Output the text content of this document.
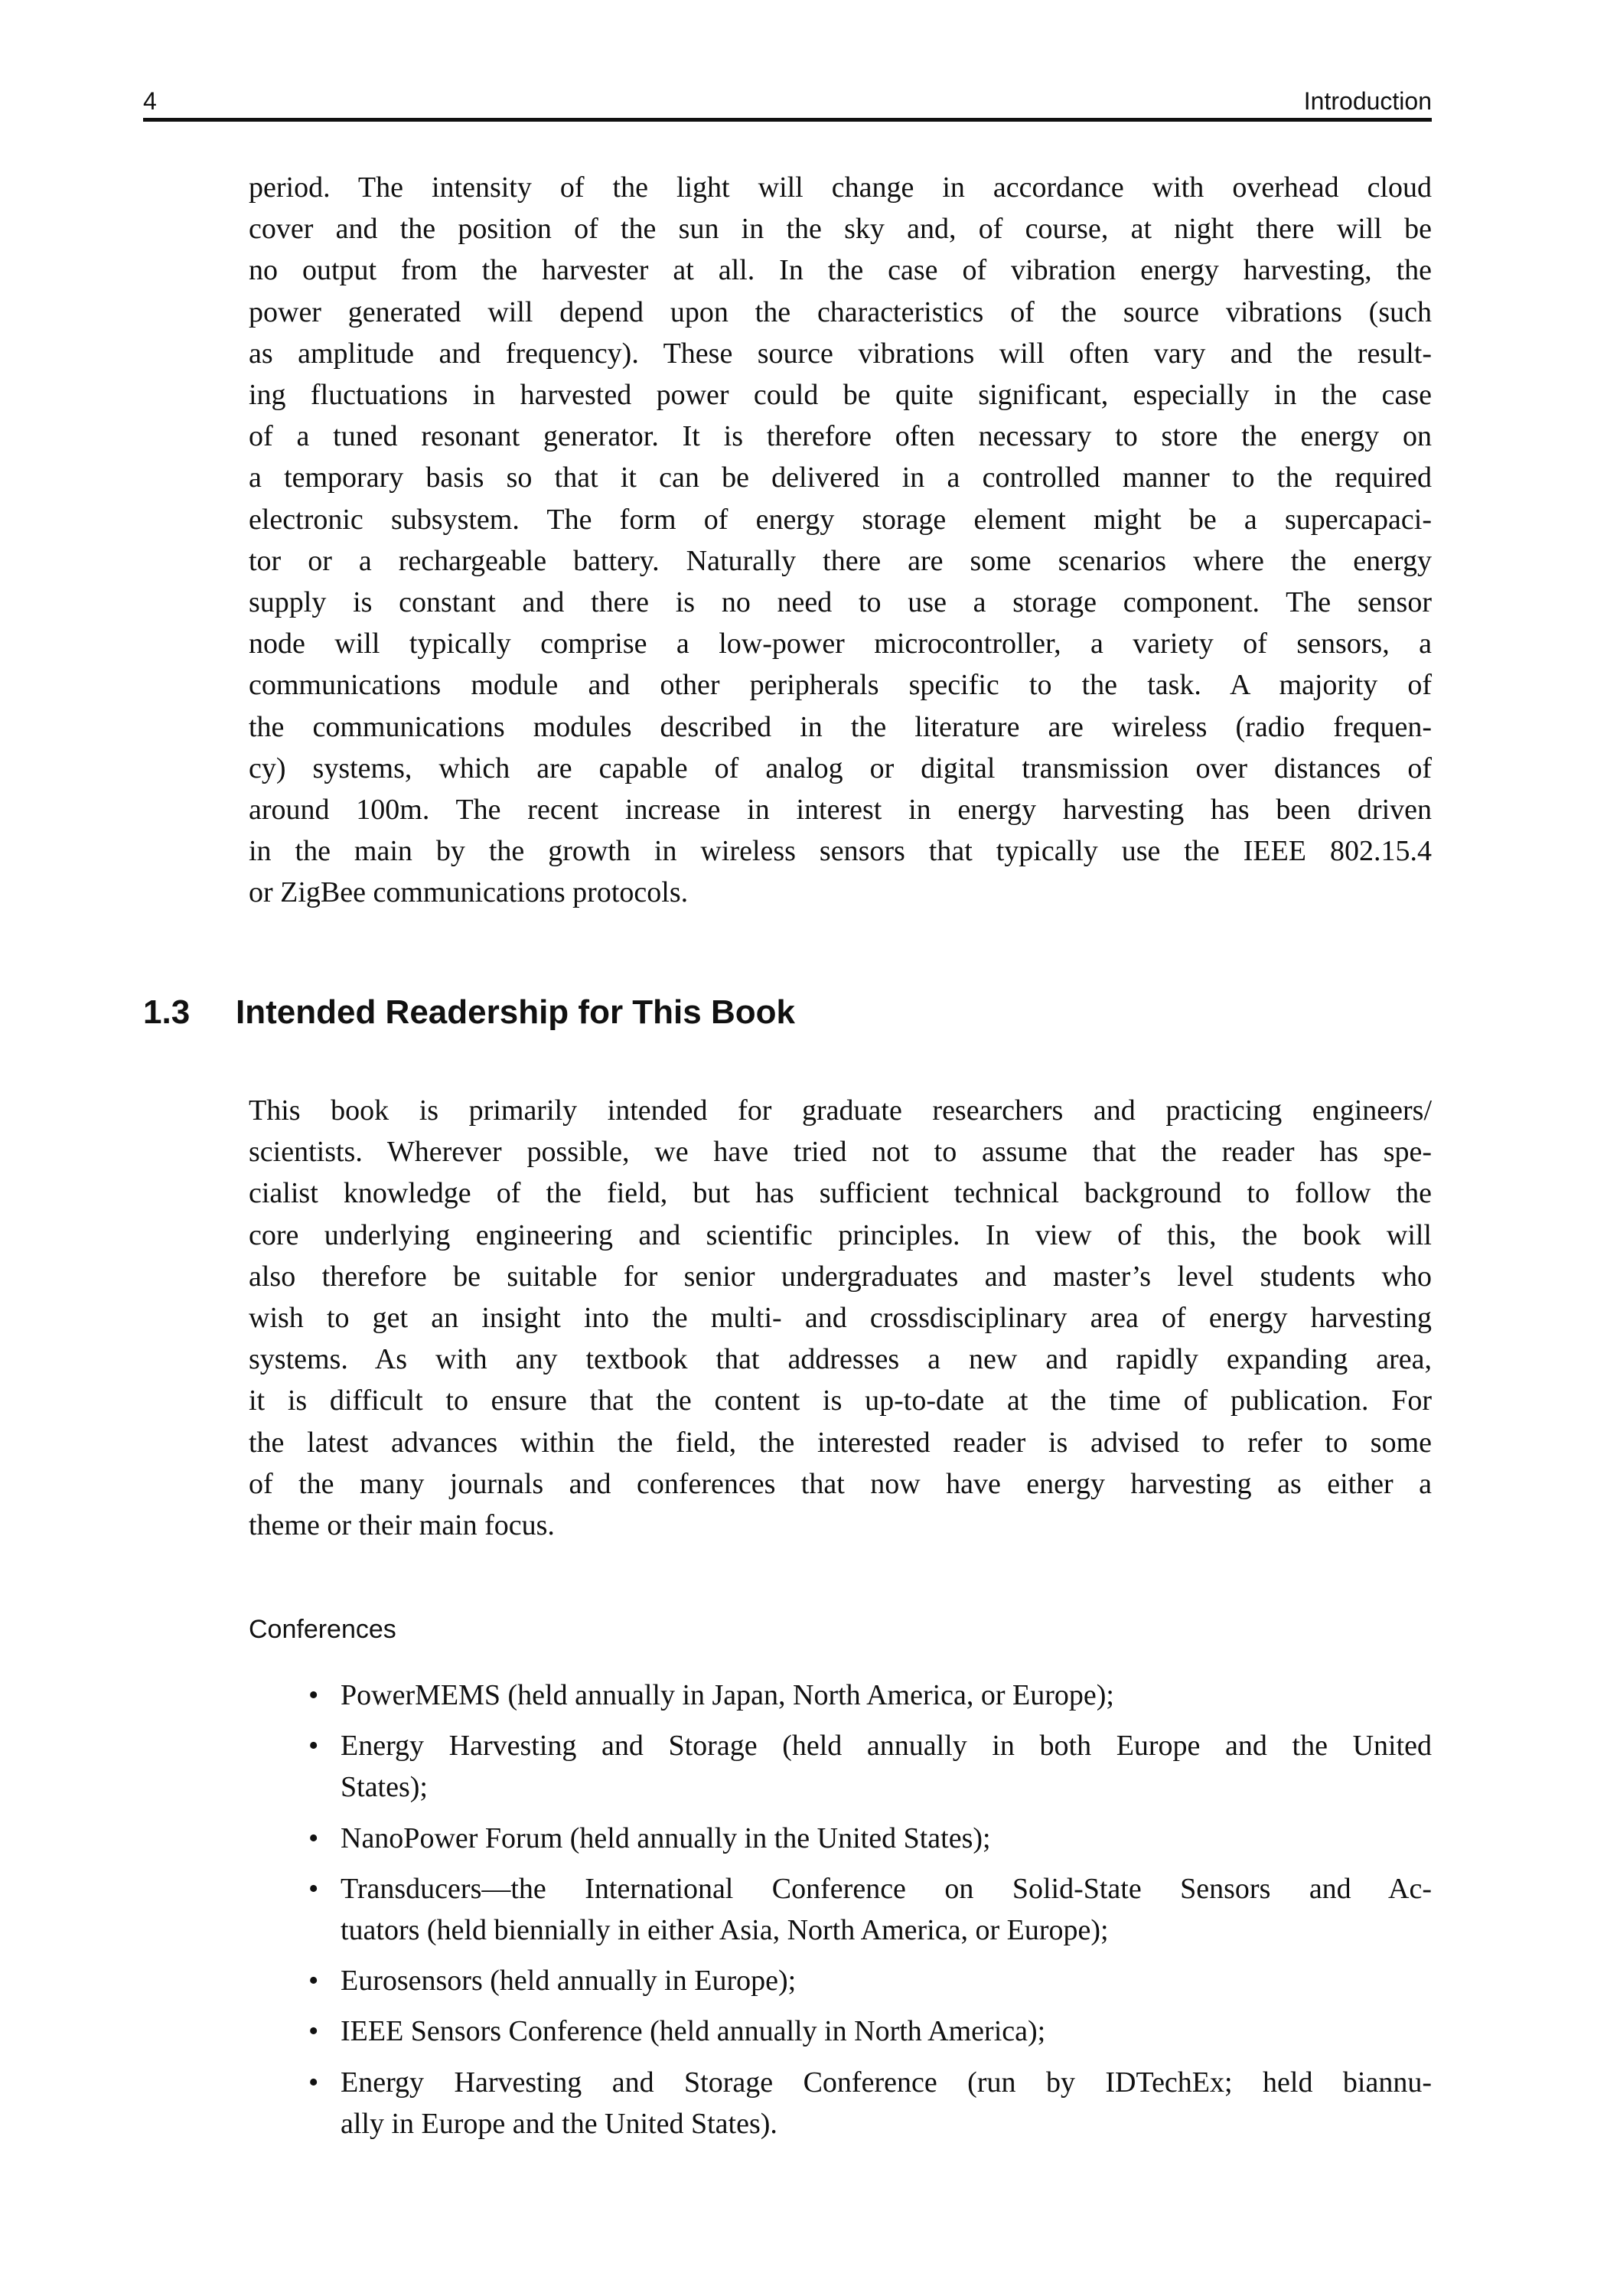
4	Introduction
period. The intensity of the light will change in accordance with overhead cloud
cover and the position of the sun in the sky and, of course, at night there will be
no output from the harvester at all. In the case of vibration energy harvesting, the
power generated will depend upon the characteristics of the source vibrations (such
as amplitude and frequency). These source vibrations will often vary and the result-
ing fluctuations in harvested power could be quite significant, especially in the case
of a tuned resonant generator. It is therefore often necessary to store the energy on
a temporary basis so that it can be delivered in a controlled manner to the required
electronic subsystem. The form of energy storage element might be a supercapaci-
tor or a rechargeable battery. Naturally there are some scenarios where the energy
supply is constant and there is no need to use a storage component. The sensor
node will typically comprise a low-power microcontroller, a variety of sensors, a
communications module and other peripherals specific to the task. A majority of
the communications modules described in the literature are wireless (radio frequen-
cy) systems, which are capable of analog or digital transmission over distances of
around 100m. The recent increase in interest in energy harvesting has been driven
in the main by the growth in wireless sensors that typically use the IEEE 802.15.4
or ZigBee communications protocols.
1.3 Intended Readership for This Book
This book is primarily intended for graduate researchers and practicing engineers/
scientists. Wherever possible, we have tried not to assume that the reader has spe-
cialist knowledge of the field, but has sufficient technical background to follow the
core underlying engineering and scientific principles. In view of this, the book will
also therefore be suitable for senior undergraduates and master’s level students who
wish to get an insight into the multi- and crossdisciplinary area of energy harvesting
systems. As with any textbook that addresses a new and rapidly expanding area,
it is difficult to ensure that the content is up-to-date at the time of publication. For
the latest advances within the field, the interested reader is advised to refer to some
of the many journals and conferences that now have energy harvesting as either a
theme or their main focus.
Conferences
• PowerMEMS (held annually in Japan, North America, or Europe);
• Energy Harvesting and Storage (held annually in both Europe and the United
States);
• NanoPower Forum (held annually in the United States);
• Transducers—the International Conference on Solid-State Sensors and Ac-
tuators (held biennially in either Asia, North America, or Europe);
• Eurosensors (held annually in Europe);
• IEEE Sensors Conference (held annually in North America);
• Energy Harvesting and Storage Conference (run by IDTechEx; held biannu-
ally in Europe and the United States).
